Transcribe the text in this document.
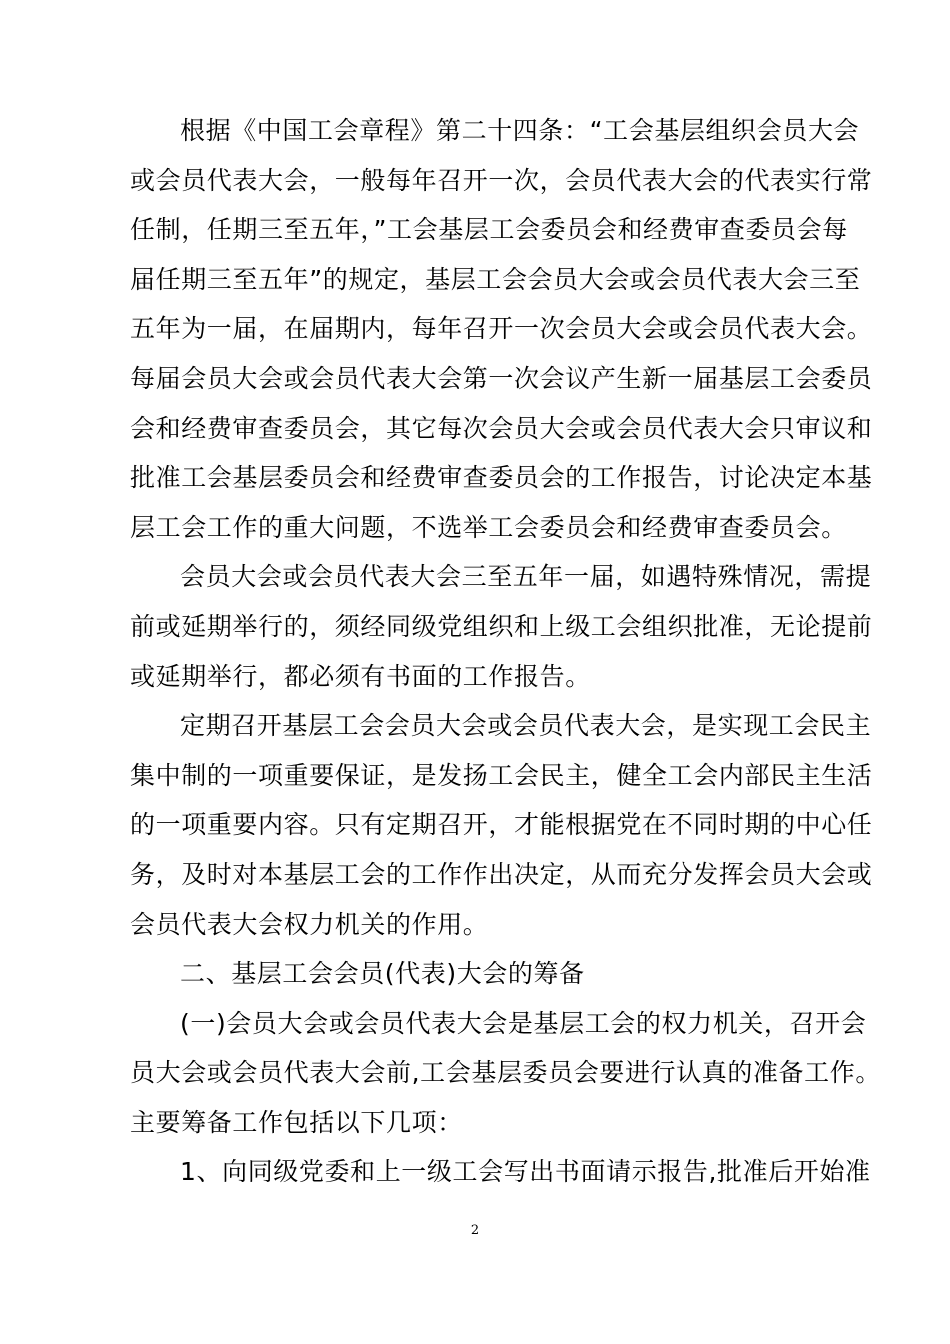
根据《中国工会章程》第二十四条：“工会基层组织会员大会
或会员代表大会，一般每年召开一次，会员代表大会的代表实行常
任制，任期三至五年，”工会基层工会委员会和经费审查委员会每
届任期三至五年”的规定，基层工会会员大会或会员代表大会三至
五年为一届，在届期内，每年召开一次会员大会或会员代表大会。
每届会员大会或会员代表大会第一次会议产生新一届基层工会委员
会和经费审查委员会，其它每次会员大会或会员代表大会只审议和
批准工会基层委员会和经费审查委员会的工作报告，讨论决定本基
层工会工作的重大问题，不选举工会委员会和经费审查委员会。
会员大会或会员代表大会三至五年一届，如遇特殊情况，需提
前或延期举行的，须经同级党组织和上级工会组织批准，无论提前
或延期举行，都必须有书面的工作报告。
定期召开基层工会会员大会或会员代表大会，是实现工会民主
集中制的一项重要保证，是发扬工会民主，健全工会内部民主生活
的一项重要内容。只有定期召开，才能根据党在不同时期的中心任
务，及时对本基层工会的工作作出决定，从而充分发挥会员大会或
会员代表大会权力机关的作用。
二、基层工会会员(代表)大会的筹备
(一)会员大会或会员代表大会是基层工会的权力机关，召开会
员大会或会员代表大会前,工会基层委员会要进行认真的准备工作。
主要筹备工作包括以下几项：
1、向同级党委和上一级工会写出书面请示报告,批准后开始准
2
